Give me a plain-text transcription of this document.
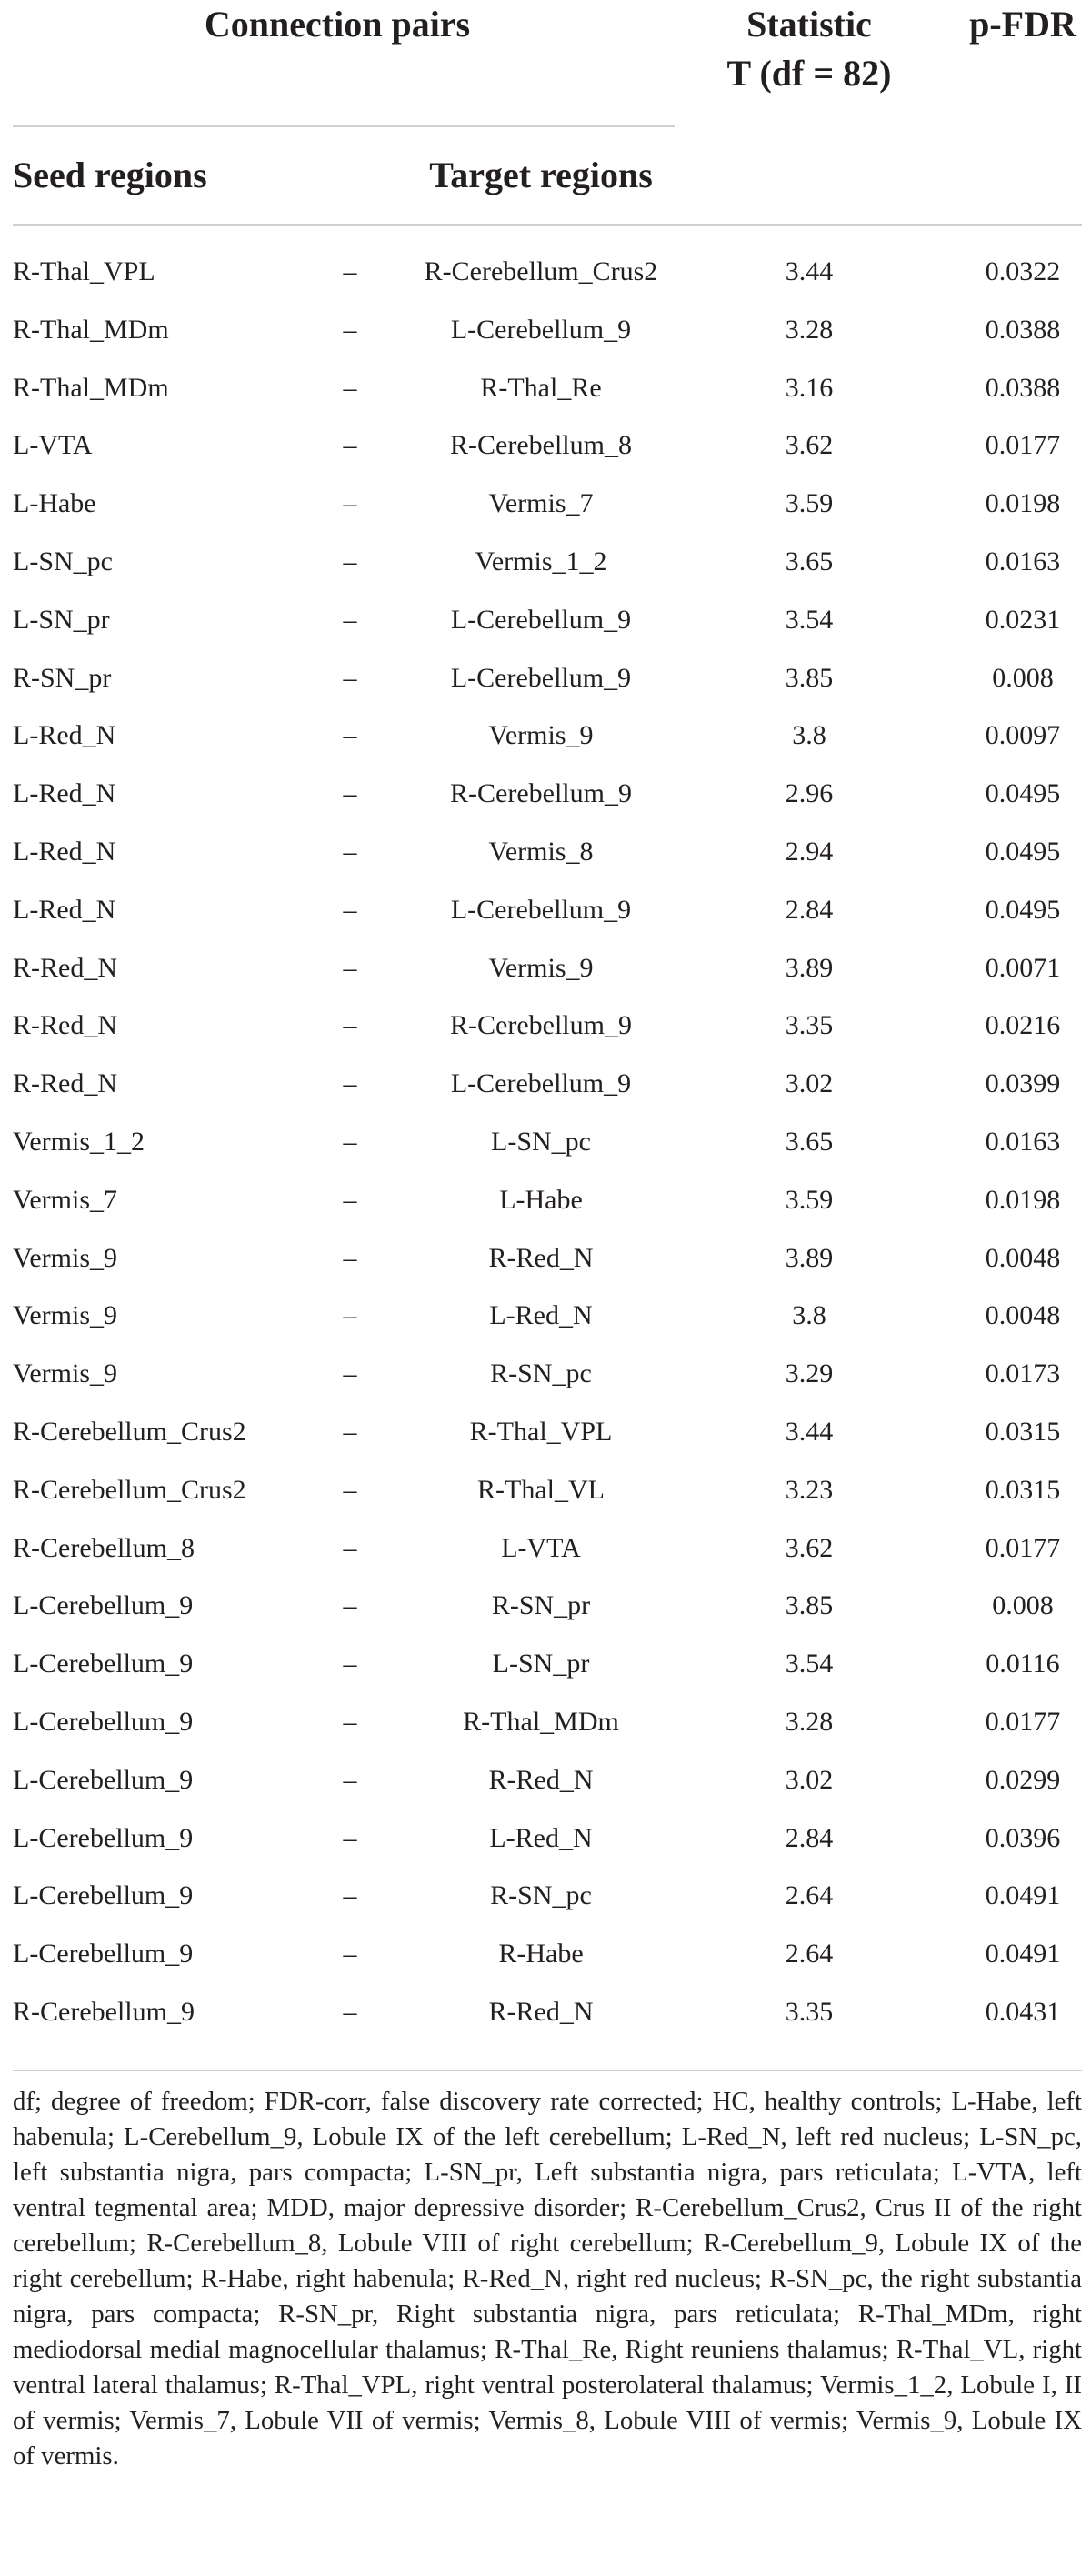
Connection pairs	Statistic
T (df = 82)
p-FDR
Seed regions	Target regions
R-Thal_VPL	–	R-Cerebellum_Crus2	3.44	0.0322
R-Thal_MDm	–	L-Cerebellum_9	3.28	0.0388
R-Thal_MDm	–	R-Thal_Re	3.16	0.0388
L-VTA	–	R-Cerebellum_8	3.62	0.0177
L-Habe	–	Vermis_7	3.59	0.0198
L-SN_pc	–	Vermis_1_2	3.65	0.0163
L-SN_pr	–	L-Cerebellum_9	3.54	0.0231
R-SN_pr	–	L-Cerebellum_9	3.85	0.008
L-Red_N	–	Vermis_9	3.8	0.0097
L-Red_N	–	R-Cerebellum_9	2.96	0.0495
L-Red_N	–	Vermis_8	2.94	0.0495
L-Red_N	–	L-Cerebellum_9	2.84	0.0495
R-Red_N	–	Vermis_9	3.89	0.0071
R-Red_N	–	R-Cerebellum_9	3.35	0.0216
R-Red_N	–	L-Cerebellum_9	3.02	0.0399
Vermis_1_2	–	L-SN_pc	3.65	0.0163
Vermis_7	–	L-Habe	3.59	0.0198
Vermis_9	–	R-Red_N	3.89	0.0048
Vermis_9	–	L-Red_N	3.8	0.0048
Vermis_9	–	R-SN_pc	3.29	0.0173
R-Cerebellum_Crus2	–	R-Thal_VPL	3.44	0.0315
R-Cerebellum_Crus2	–	R-Thal_VL	3.23	0.0315
R-Cerebellum_8	–	L-VTA	3.62	0.0177
L-Cerebellum_9	–	R-SN_pr	3.85	0.008
L-Cerebellum_9	–	L-SN_pr	3.54	0.0116
L-Cerebellum_9	–	R-Thal_MDm	3.28	0.0177
L-Cerebellum_9	–	R-Red_N	3.02	0.0299
L-Cerebellum_9	–	L-Red_N	2.84	0.0396
L-Cerebellum_9	–	R-SN_pc	2.64	0.0491
L-Cerebellum_9	–	R-Habe	2.64	0.0491
R-Cerebellum_9	–	R-Red_N	3.35	0.0431
df; degree of freedom; FDR-corr, false discovery rate corrected; HC, healthy controls; L-Habe, left habenula; L-Cerebellum_9, Lobule IX of the left cerebellum; L-Red_N, left red nucleus; L-SN_pc, left substantia nigra, pars compacta; L-SN_pr, Left substantia nigra, pars reticulata; L-VTA, left ventral tegmental area; MDD, major depressive disorder; R-Cerebellum_Crus2, Crus II of the right cerebellum; R-Cerebellum_8, Lobule VIII of right cerebellum; R-Cerebellum_9, Lobule IX of the right cerebellum; R-Habe, right habenula; R-Red_N, right red nucleus; R-SN_pc, the right substantia nigra, pars compacta; R-SN_pr, Right substantia nigra, pars reticulata; R-Thal_MDm, right mediodorsal medial magnocellular thalamus; R-Thal_Re, Right reuniens thalamus; R-Thal_VL, right ventral lateral thalamus; R-Thal_VPL, right ventral posterolateral thalamus; Vermis_1_2, Lobule I, II of vermis; Vermis_7, Lobule VII of vermis; Vermis_8, Lobule VIII of vermis; Vermis_9, Lobule IX of vermis.
